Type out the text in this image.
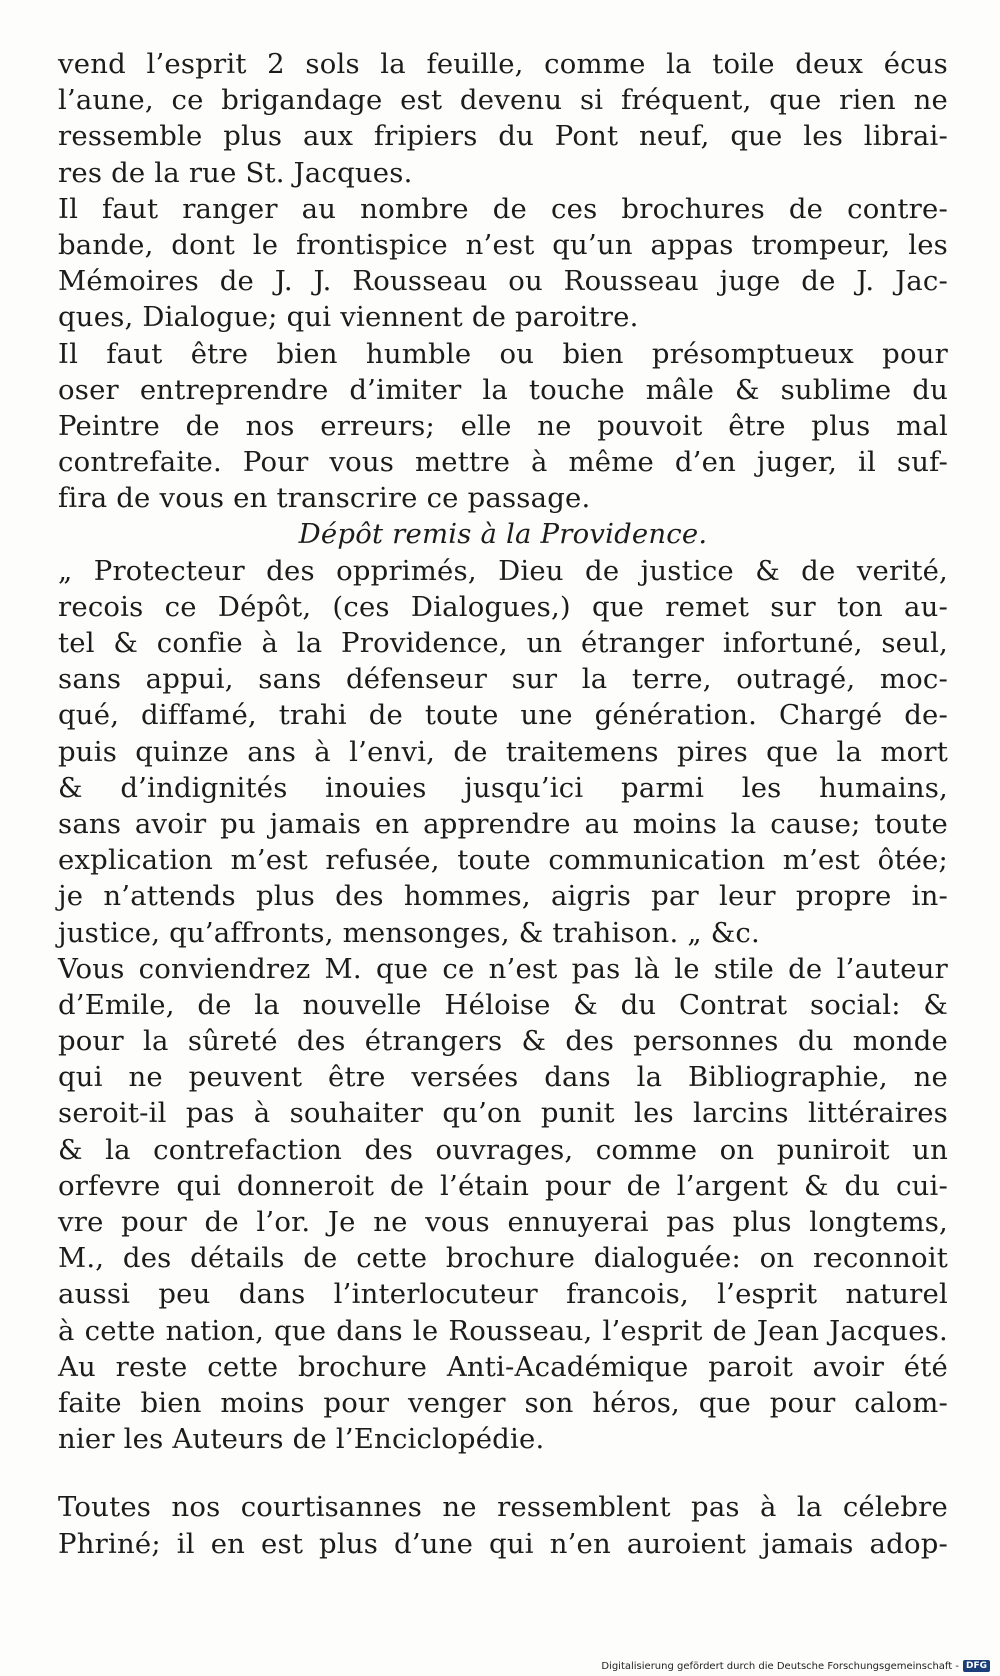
vend l’esprit 2 sols la feuille, comme la toile deux écus
l’aune, ce brigandage est devenu si fréquent, que rien ne
ressemble plus aux fripiers du Pont neuf, que les librai-
res de la rue St. Jacques.
Il faut ranger au nombre de ces brochures de contre-
bande, dont le frontispice n’est qu’un appas trompeur, les
Mémoires de J. J. Rousseau ou Rousseau juge de J. Jac-
ques, Dialogue; qui viennent de paroitre.
Il faut être bien humble ou bien présomptueux pour
oser entreprendre d’imiter la touche mâle & sublime du
Peintre de nos erreurs; elle ne pouvoit être plus mal
contrefaite. Pour vous mettre à même d’en juger, il suf-
fira de vous en transcrire ce passage.
Dépôt remis à la Providence.
„ Protecteur des opprimés, Dieu de justice & de verité,
recois ce Dépôt, (ces Dialogues,) que remet sur ton au-
tel & confie à la Providence, un étranger infortuné, seul,
sans appui, sans défenseur sur la terre, outragé, moc-
qué, diffamé, trahi de toute une génération. Chargé de-
puis quinze ans à l’envi, de traitemens pires que la mort
& d’indignités inouies jusqu’ici parmi les humains,
sans avoir pu jamais en apprendre au moins la cause; toute
explication m’est refusée, toute communication m’est ôtée;
je n’attends plus des hommes, aigris par leur propre in-
justice, qu’affronts, mensonges, & trahison. „ &c.
Vous conviendrez M. que ce n’est pas là le stile de l’auteur
d’Emile, de la nouvelle Héloise & du Contrat social: &
pour la sûreté des étrangers & des personnes du monde
qui ne peuvent être versées dans la Bibliographie, ne
seroit-il pas à souhaiter qu’on punit les larcins littéraires
& la contrefaction des ouvrages, comme on puniroit un
orfevre qui donneroit de l’étain pour de l’argent & du cui-
vre pour de l’or. Je ne vous ennuyerai pas plus longtems,
M., des détails de cette brochure dialoguée: on reconnoit
aussi peu dans l’interlocuteur francois, l’esprit naturel
à cette nation, que dans le Rousseau, l’esprit de Jean Jacques.
Au reste cette brochure Anti-Académique paroit avoir été
faite bien moins pour venger son héros, que pour calom-
nier les Auteurs de l’Enciclopédie.
Toutes nos courtisannes ne ressemblent pas à la célebre
Phriné; il en est plus d’une qui n’en auroient jamais adop-
Digitalisierung gefördert durch die Deutsche Forschungsgemeinschaft - DFG
